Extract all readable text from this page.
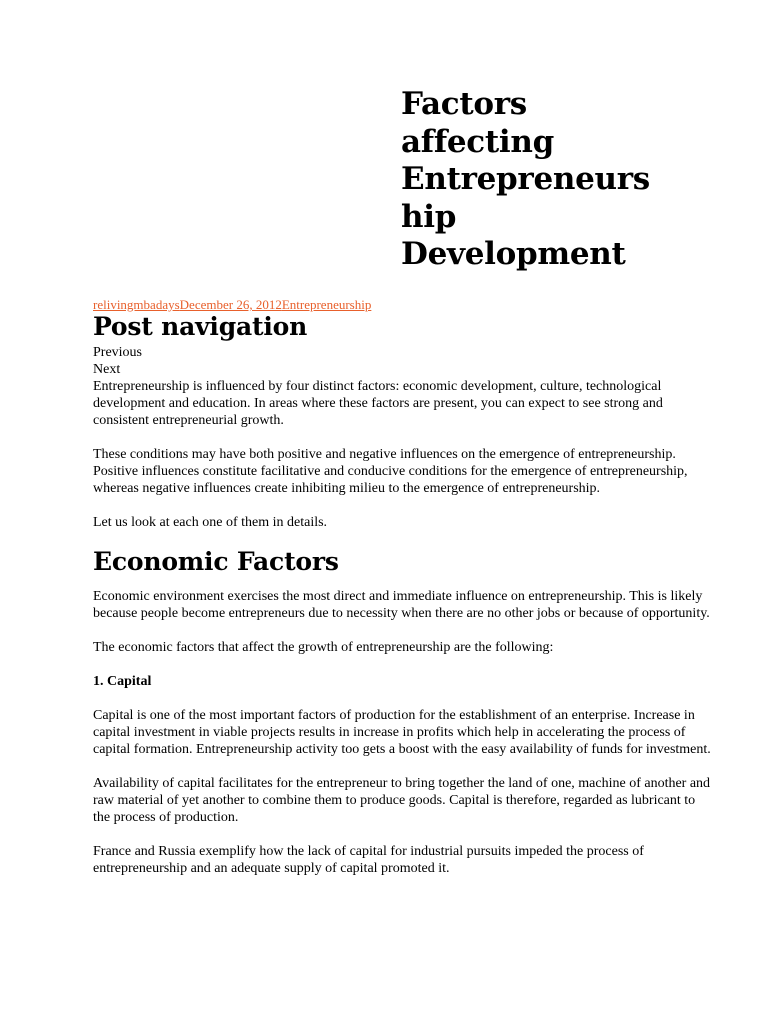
Factors
affecting
Entrepreneurs
hip
Development
relivingmbadaysDecember 26, 2012Entrepreneurship
Post navigation
Previous
Next

Entrepreneurship is influenced by four distinct factors: economic development, culture, technological development and education. In areas where these factors are present, you can expect to see strong and consistent entrepreneurial growth.

These conditions may have both positive and negative influences on the emergence of entrepreneurship. Positive influences constitute facilitative and conducive conditions for the emergence of entrepreneurship, whereas negative influences create inhibiting milieu to the emergence of entrepreneurship.

Let us look at each one of them in details.

Economic Factors

Economic environment exercises the most direct and immediate influence on entrepreneurship. This is likely because people become entrepreneurs due to necessity when there are no other jobs or because of opportunity.

The economic factors that affect the growth of entrepreneurship are the following:

1. Capital

Capital is one of the most important factors of production for the establishment of an enterprise. Increase in capital investment in viable projects results in increase in profits which help in accelerating the process of capital formation. Entrepreneurship activity too gets a boost with the easy availability of funds for investment.

Availability of capital facilitates for the entrepreneur to bring together the land of one, machine of another and raw material of yet another to combine them to produce goods. Capital is therefore, regarded as lubricant to the process of production.

France and Russia exemplify how the lack of capital for industrial pursuits impeded the process of entrepreneurship and an adequate supply of capital promoted it.
